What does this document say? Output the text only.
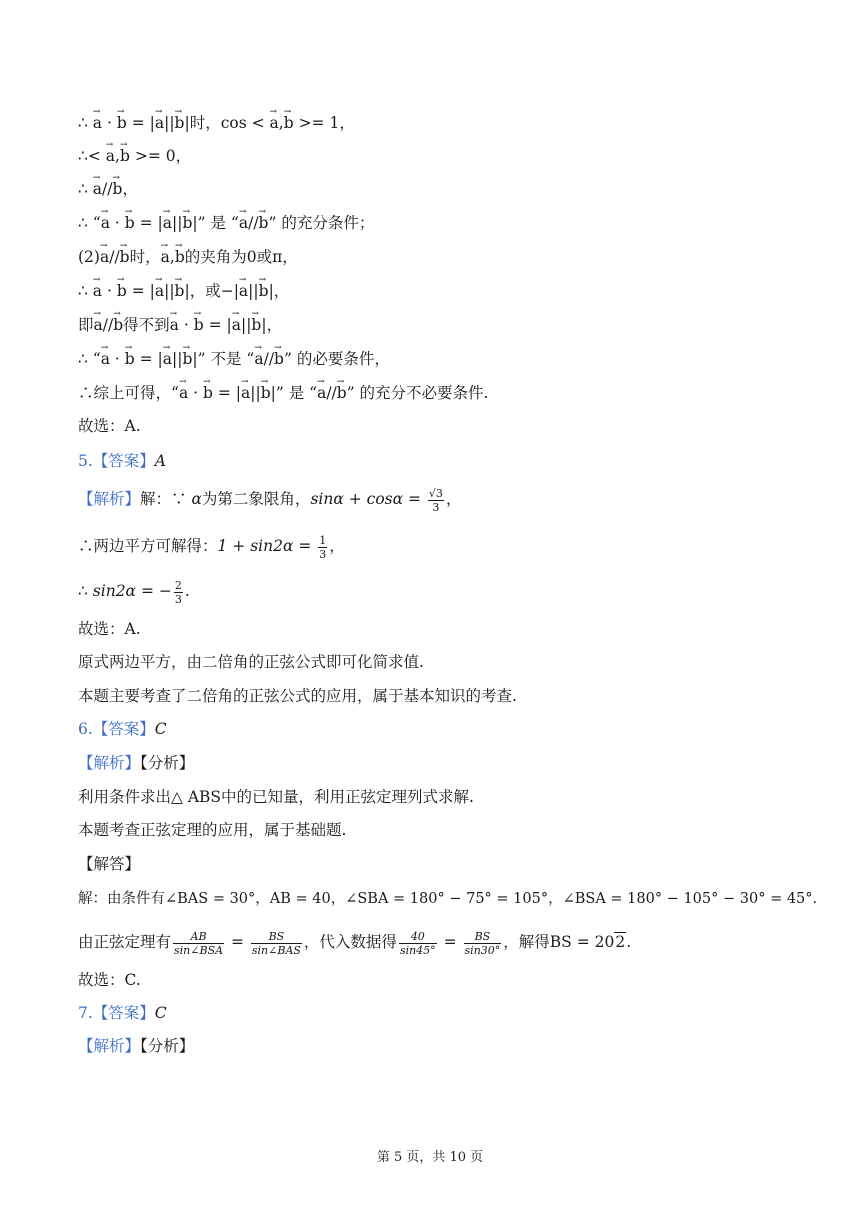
∴ → a · → b = |→ a||→ b|时，cos < → a,→ b >= 1，
∴< → a,→ b >= 0，
∴ → a//→ b，
∴ “→ a · → b = |→ a||→ b|” 是 “→ a//→ b” 的充分条件；
(2)→ a//→ b时，→ a,→ b的夹角为0或π，
∴ → a · → b = |→ a||→ b|，或−|→ a||→ b|，
即→ a//→ b得不到→ a · → b = |→ a||→ b|，
∴ “→ a · → b = |→ a||→ b|” 不是 “→ a//→ b” 的必要条件，
∴综上可得，“→ a · → b = |→ a||→ b|” 是 “→ a//→ b” 的充分不必要条件.
故选：A.
5.【答案】A
【解析】解：∵ α为第二象限角，$\sin\alpha + \cos\alpha = \frac{√3}{3}$ ，
∴两边平方可解得：$1 + \sin 2\alpha = \frac{1}{3}$ ，
∴ sin2α = − $\frac{2}{3}$ .
故选：A.
原式两边平方，由二倍角的正弦公式即可化简求值.
本题主要考查了二倍角的正弦公式的应用，属于基本知识的考查.
6.【答案】C
【解析】【分析】
利用条件求出△ ABS中的已知量，利用正弦定理列式求解.
本题考查正弦定理的应用，属于基础题.
【解答】
解：由条件有∠BAS = 30°，AB = 40，∠SBA = 180° − 75° = 105°，∠BSA = 180° − 105° − 30° = 45°.
由正弦定理有 $\frac{AB}{\text{sin∠BSA}} = \frac{BS}{\text{sin∠BAS}}$ ，代入数据得 $\frac{40}{\sin 45^\circ} = \frac{BS}{\sin 30^\circ}$ ，解得BS = 202.
故选：C.
7.【答案】C
【解析】【分析】
第 5 页，共 10 页
